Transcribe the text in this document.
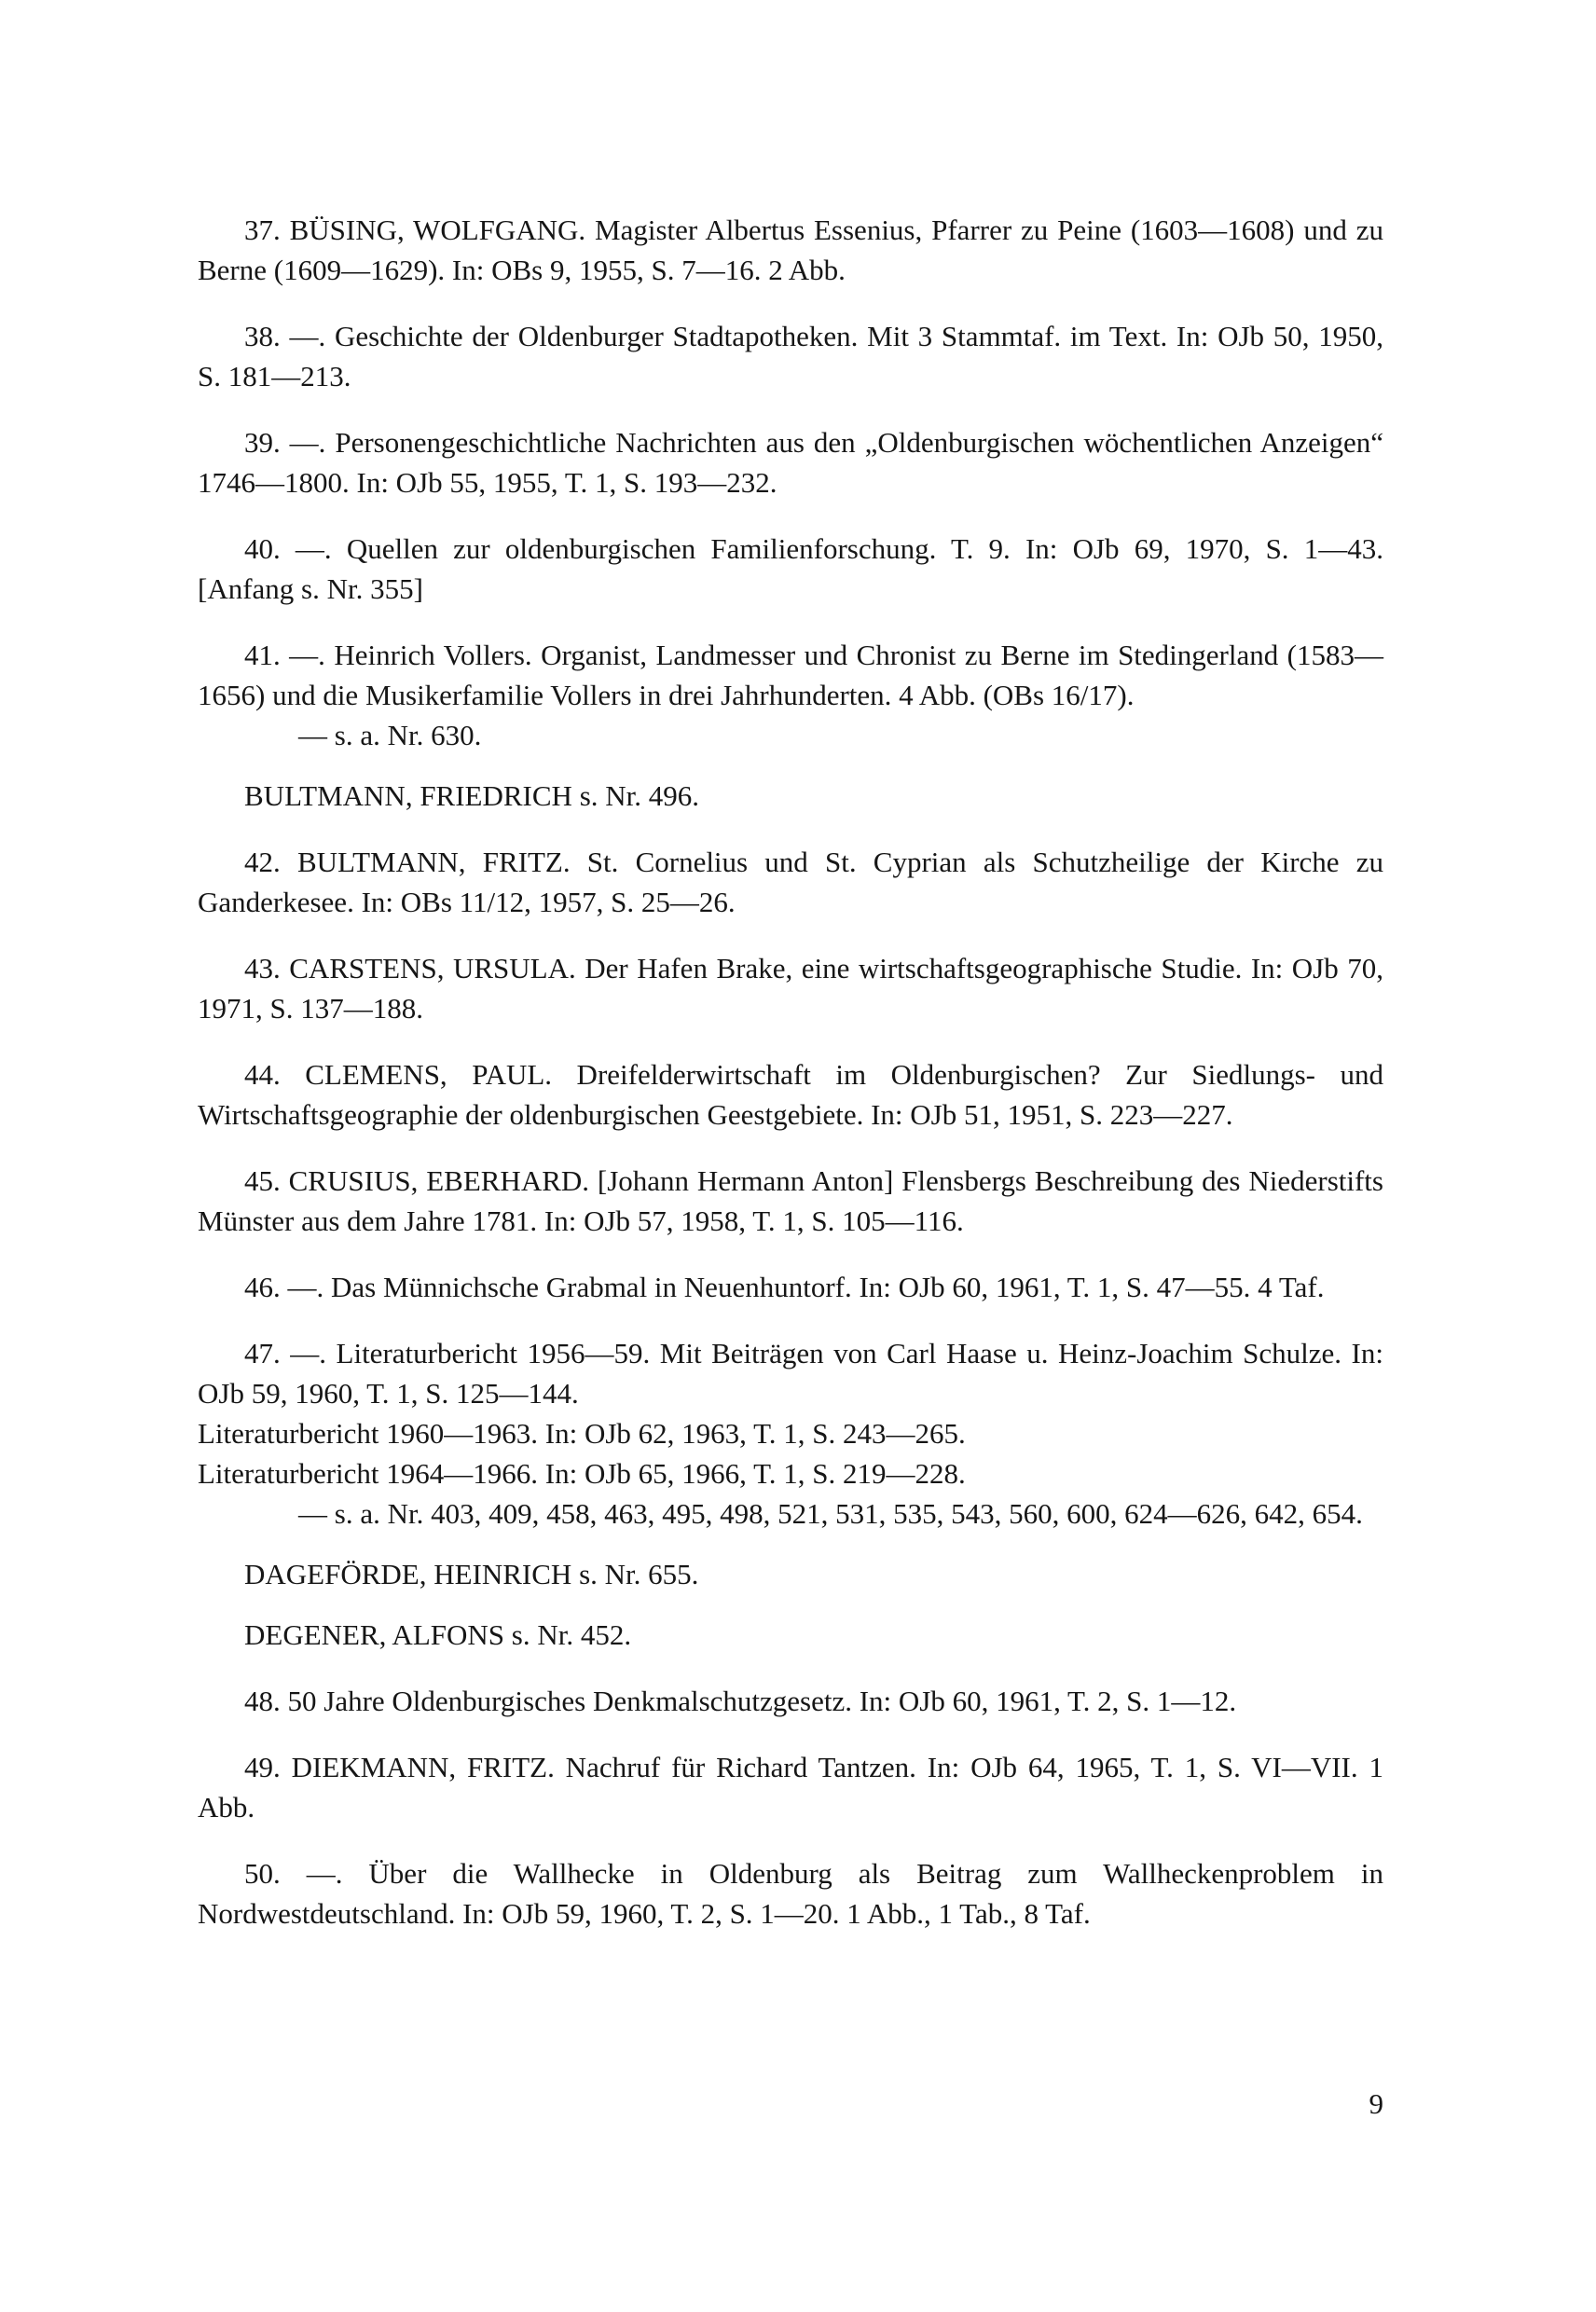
37. BÜSING, WOLFGANG. Magister Albertus Essenius, Pfarrer zu Peine (1603—1608) und zu Berne (1609—1629). In: OBs 9, 1955, S. 7—16. 2 Abb.

38. —. Geschichte der Oldenburger Stadtapotheken. Mit 3 Stammtaf. im Text. In: OJb 50, 1950, S. 181—213.

39. —. Personengeschichtliche Nachrichten aus den „Oldenburgischen wöchentlichen Anzeigen“ 1746—1800. In: OJb 55, 1955, T. 1, S. 193—232.

40. —. Quellen zur oldenburgischen Familienforschung. T. 9. In: OJb 69, 1970, S. 1—43. [Anfang s. Nr. 355]

41. —. Heinrich Vollers. Organist, Landmesser und Chronist zu Berne im Stedingerland (1583—1656) und die Musikerfamilie Vollers in drei Jahrhunderten. 4 Abb. (OBs 16/17).

— s. a. Nr. 630.

BULTMANN, FRIEDRICH s. Nr. 496.

42. BULTMANN, FRITZ. St. Cornelius und St. Cyprian als Schutzheilige der Kirche zu Ganderkesee. In: OBs 11/12, 1957, S. 25—26.

43. CARSTENS, URSULA. Der Hafen Brake, eine wirtschaftsgeographische Studie. In: OJb 70, 1971, S. 137—188.

44. CLEMENS, PAUL. Dreifelderwirtschaft im Oldenburgischen? Zur Siedlungs- und Wirtschaftsgeographie der oldenburgischen Geestgebiete. In: OJb 51, 1951, S. 223—227.

45. CRUSIUS, EBERHARD. [Johann Hermann Anton] Flensbergs Beschreibung des Niederstifts Münster aus dem Jahre 1781. In: OJb 57, 1958, T. 1, S. 105—116.

46. —. Das Münnichsche Grabmal in Neuenhuntorf. In: OJb 60, 1961, T. 1, S. 47—55. 4 Taf.

47. —. Literaturbericht 1956—59. Mit Beiträgen von Carl Haase u. Heinz-Joachim Schulze. In: OJb 59, 1960, T. 1, S. 125—144.

Literaturbericht 1960—1963. In: OJb 62, 1963, T. 1, S. 243—265.

Literaturbericht 1964—1966. In: OJb 65, 1966, T. 1, S. 219—228.

— s. a. Nr. 403, 409, 458, 463, 495, 498, 521, 531, 535, 543, 560, 600, 624—626, 642, 654.

DAGEFÖRDE, HEINRICH s. Nr. 655.

DEGENER, ALFONS s. Nr. 452.

48. 50 Jahre Oldenburgisches Denkmalschutzgesetz. In: OJb 60, 1961, T. 2, S. 1—12.

49. DIEKMANN, FRITZ. Nachruf für Richard Tantzen. In: OJb 64, 1965, T. 1, S. VI—VII. 1 Abb.

50. —. Über die Wallhecke in Oldenburg als Beitrag zum Wallheckenproblem in Nordwestdeutschland. In: OJb 59, 1960, T. 2, S. 1—20. 1 Abb., 1 Tab., 8 Taf.

9
